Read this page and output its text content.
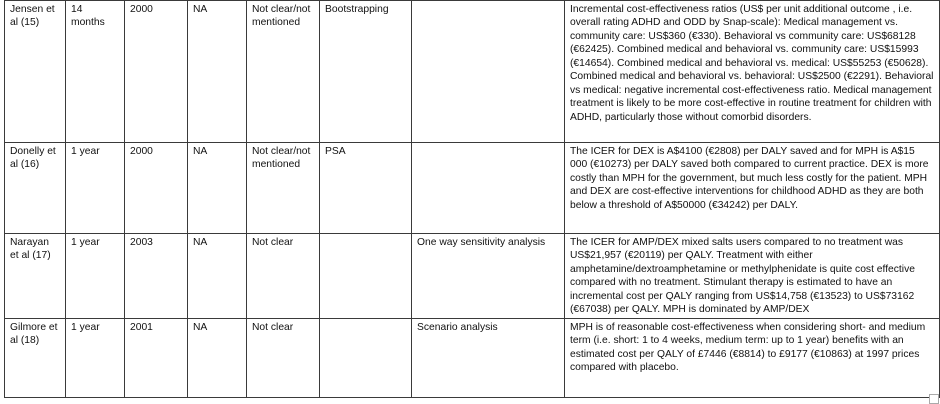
Jensen et al (15)	14 months	2000	NA	Not clear/not mentioned	Bootstrapping		Incremental cost-effectiveness ratios (US$ per unit additional outcome , i.e. overall rating ADHD and ODD by Snap-scale): Medical management vs. community care: US$360 (€330). Behavioral vs community care: US$68128 (€62425). Combined medical and behavioral vs. community care: US$15993 (€14654). Combined medical and behavioral vs. medical: US$55253 (€50628). Combined medical and behavioral vs. behavioral: US$2500 (€2291). Behavioral vs medical: negative incremental cost-effectiveness ratio. Medical management treatment is likely to be more cost-effective in routine treatment for children with ADHD, particularly those without comorbid disorders.
Donelly et al (16)	1 year	2000	NA	Not clear/not mentioned	PSA		The ICER for DEX is A$4100 (€2808) per DALY saved and for MPH is A$15 000 (€10273) per DALY saved both compared to current practice. DEX is more costly than MPH for the government, but much less costly for the patient. MPH and DEX are cost-effective interventions for childhood ADHD as they are both below a threshold of A$50000 (€34242) per DALY.
Narayan et al (17)	1 year	2003	NA	Not clear		One way sensitivity analysis	The ICER for AMP/DEX mixed salts users compared to no treatment was US$21,957 (€20119) per QALY. Treatment with either amphetamine/dextroamphetamine or methylphenidate is quite cost effective compared with no treatment. Stimulant therapy is estimated to have an incremental cost per QALY ranging from US$14,758 (€13523) to US$73162 (€67038) per QALY. MPH is dominated by AMP/DEX
Gilmore et al (18)	1 year	2001	NA	Not clear		Scenario analysis	MPH is of reasonable cost-effectiveness when considering short- and medium term (i.e. short: 1 to 4 weeks, medium term: up to 1 year) benefits with an estimated cost per QALY of £7446 (€8814) to £9177 (€10863) at 1997 prices compared with placebo.
